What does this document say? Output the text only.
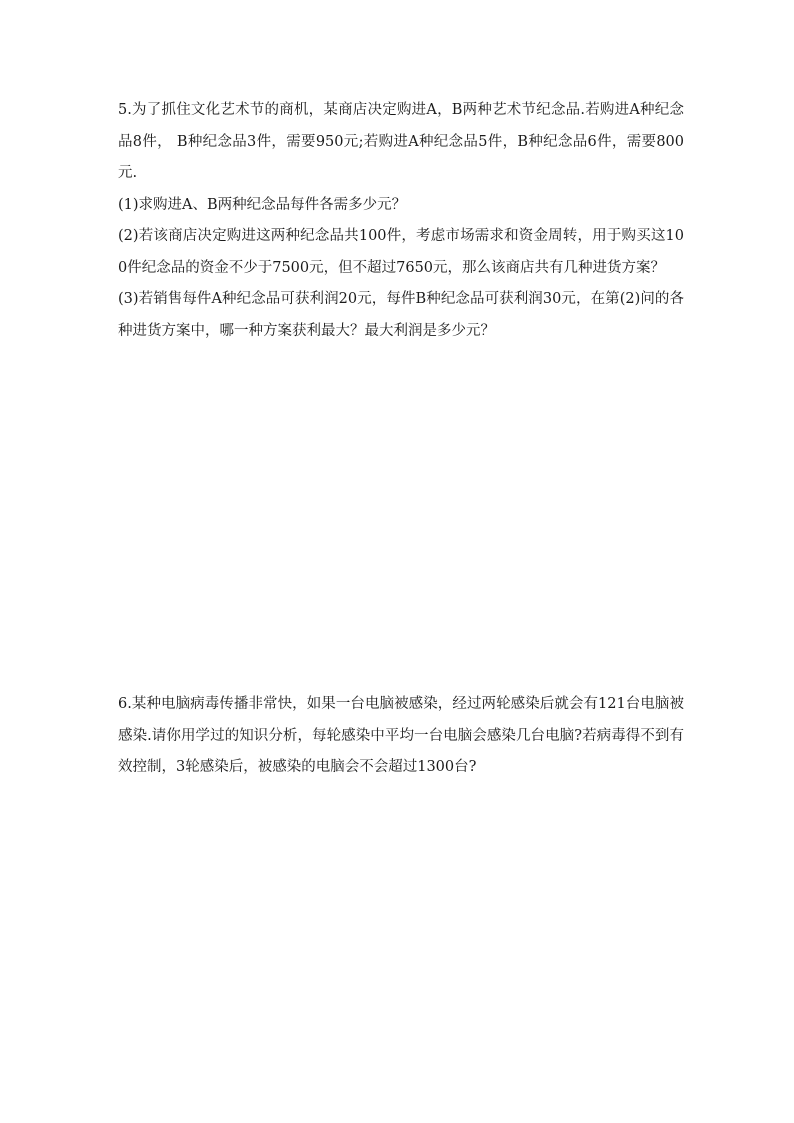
5.为了抓住文化艺术节的商机，某商店决定购进A，B两种艺术节纪念品.若购进A种纪念品8件， B种纪念品3件，需要950元;若购进A种纪念品5件，B种纪念品6件，需要800元.

(1)求购进A、B两种纪念品每件各需多少元？

(2)若该商店决定购进这两种纪念品共100件，考虑市场需求和资金周转，用于购买这100件纪念品的资金不少于7500元，但不超过7650元，那么该商店共有几种进货方案？

(3)若销售每件A种纪念品可获利润20元，每件B种纪念品可获利润30元，在第(2)问的各种进货方案中，哪一种方案获利最大？最大利润是多少元？

6.某种电脑病毒传播非常快，如果一台电脑被感染，经过两轮感染后就会有121台电脑被感染.请你用学过的知识分析，每轮感染中平均一台电脑会感染几台电脑?若病毒得不到有效控制，3轮感染后，被感染的电脑会不会超过1300台?
